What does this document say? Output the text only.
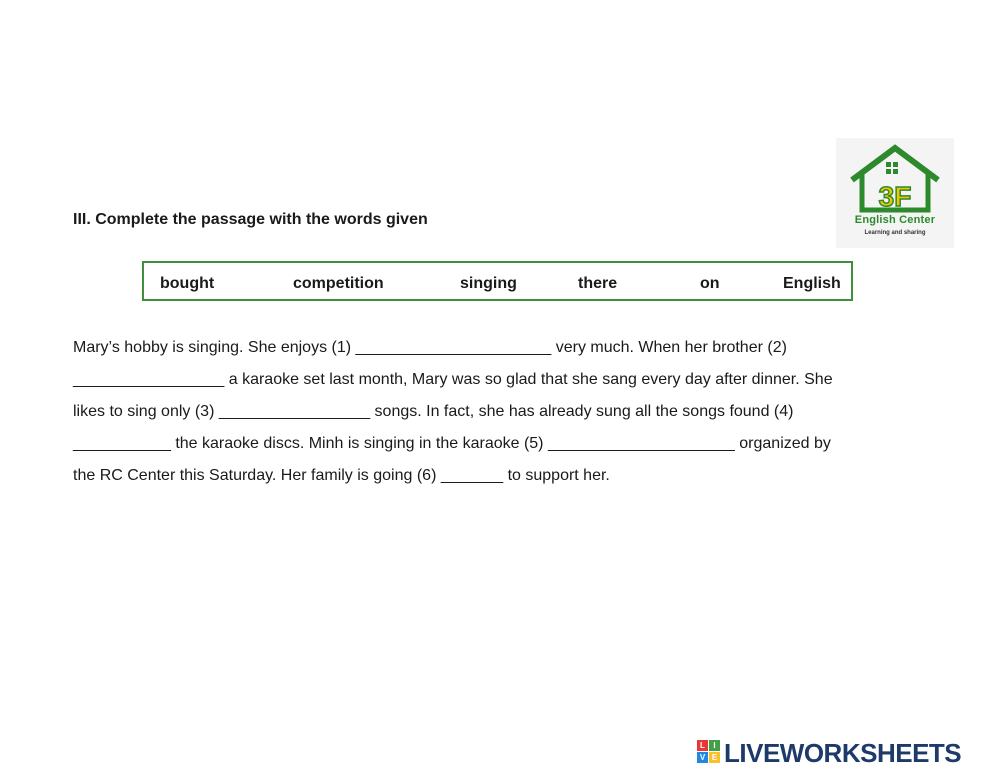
3F
English Center
Learning and sharing
III. Complete the passage with the words given
bought	competition	singing	there	on	English
Mary’s hobby is singing. She enjoys (1) ______________________ very much. When her brother (2)
_________________ a karaoke set last month, Mary was so glad that she sang every day after dinner. She
likes to sing only (3) _________________ songs. In fact, she has already sung all the songs found (4)
___________ the karaoke discs. Minh is singing in the karaoke (5) _____________________ organized by
the RC Center this Saturday. Her family is going (6) _______ to support her.
L	I
V E LIVEWORKSHEETS
